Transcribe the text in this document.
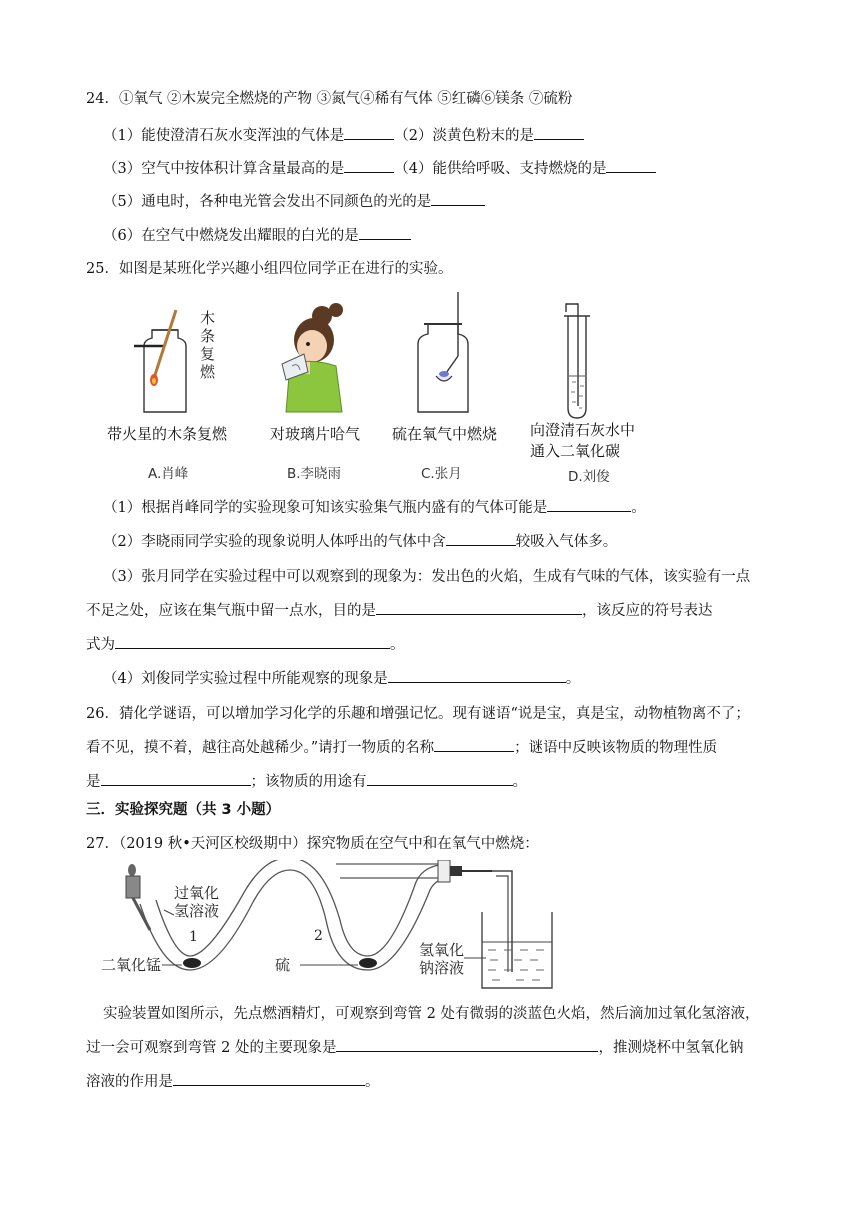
24．①氧气 ②木炭完全燃烧的产物 ③氮气④稀有气体 ⑤红磷⑥镁条 ⑦硫粉
（1）能使澄清石灰水变浑浊的气体是	（2）淡黄色粉末的是
（3）空气中按体积计算含量最高的是	（4）能供给呼吸、支持燃烧的是
（5）通电时，各种电光管会发出不同颜色的光的是
（6）在空气中燃烧发出耀眼的白光的是
25．如图是某班化学兴趣小组四位同学正在进行的实验。
木条复燃
带火星的木条复燃
A.肖峰
对玻璃片哈气
B.李晓雨
硫在氧气中燃烧
C.张月
向澄清石灰水中
通入二氧化碳
D.刘俊
（1）根据肖峰同学的实验现象可知该实验集气瓶内盛有的气体可能是	。
（2）李晓雨同学实验的现象说明人体呼出的气体中含	较吸入气体多。
（3）张月同学在实验过程中可以观察到的现象为：发出色的火焰，生成有气味的气体，该实验有一点
不足之处，应该在集气瓶中留一点水，目的是	，该反应的符号表达
式为	。
（4）刘俊同学实验过程中所能观察的现象是	。
26．猜化学谜语，可以增加学习化学的乐趣和增强记忆。现有谜语“说是宝，真是宝，动物植物离不了；
看不见，摸不着，越往高处越稀少。”请打一物质的名称	；谜语中反映该物质的物理性质
是	；该物质的用途有	。
三．实验探究题（共 3 小题）
27．（2019 秋•天河区校级期中）探究物质在空气中和在氧气中燃烧：
过氧化
氢溶液
1	2
二氧化锰	硫
氢氧化
钠溶液
实验装置如图所示，先点燃酒精灯，可观察到弯管 2 处有微弱的淡蓝色火焰，然后滴加过氧化氢溶液，
过一会可观察到弯管 2 处的主要现象是	，推测烧杯中氢氧化钠
溶液的作用是	。
